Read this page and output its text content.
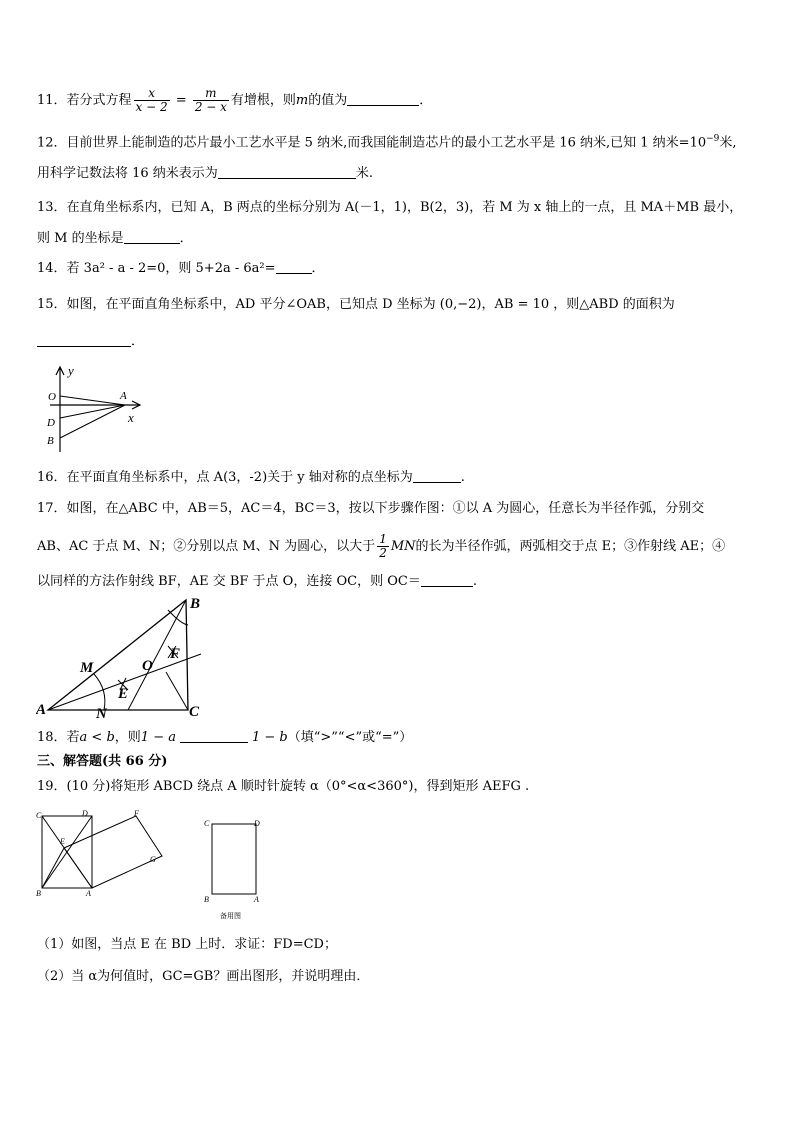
11．若分式方程 $\frac{x}{x - 2} = \frac{m}{2 - x}$ 有增根，则m的值为	．
12．目前世界上能制造的芯片最小工艺水平是 5 纳米,而我国能制造芯片的最小工艺水平是 16 纳米,已知 1 纳米$=10^{-9}$米,
用科学记数法将 16 纳米表示为	米.
13．在直角坐标系内，已知 A，B 两点的坐标分别为 A(－1，1)，B(2，3)，若 M 为 x 轴上的一点，且 MA＋MB 最小，
则 M 的坐标是	．
14．若 3a² - a - 2=0，则 5+2a - 6a²=	．
15．如图，在平面直角坐标系中，AD 平分∠OAB，已知点 D 坐标为 (0,−2)，AB = 10 ，则△ABD 的面积为
．
y
x
O	A
D
B
16．在平面直角坐标系中，点 A(3，-2)关于 y 轴对称的点坐标为	.
17．如图，在△ABC 中，AB＝5，AC＝4，BC＝3，按以下步骤作图：①以 A 为圆心，任意长为半径作弧，分别交
AB、AC 于点 M、N；②分别以点 M、N 为圆心，以大于 $\frac{1}{2}$ MN的长为半径作弧，两弧相交于点 E；③作射线 AE；④
以同样的方法作射线 BF，AE 交 BF 于点 O，连接 OC，则 OC＝	.
A
B
C
M
N
E
F
O
18．若a < b，则1 − a	1 − b（填“>”“<”或“=”）
三、解答题(共 66 分)
19．(10 分)将矩形 ABCD 绕点 A 顺时针旋转 α（0°<α<360°)，得到矩形 AEFG .
C	D	F
E
G
B	A
C	D
B	A
备用图
（1）如图，当点 E 在 BD 上时．求证：FD=CD；
（2）当 α为何值时，GC=GB？画出图形，并说明理由．
